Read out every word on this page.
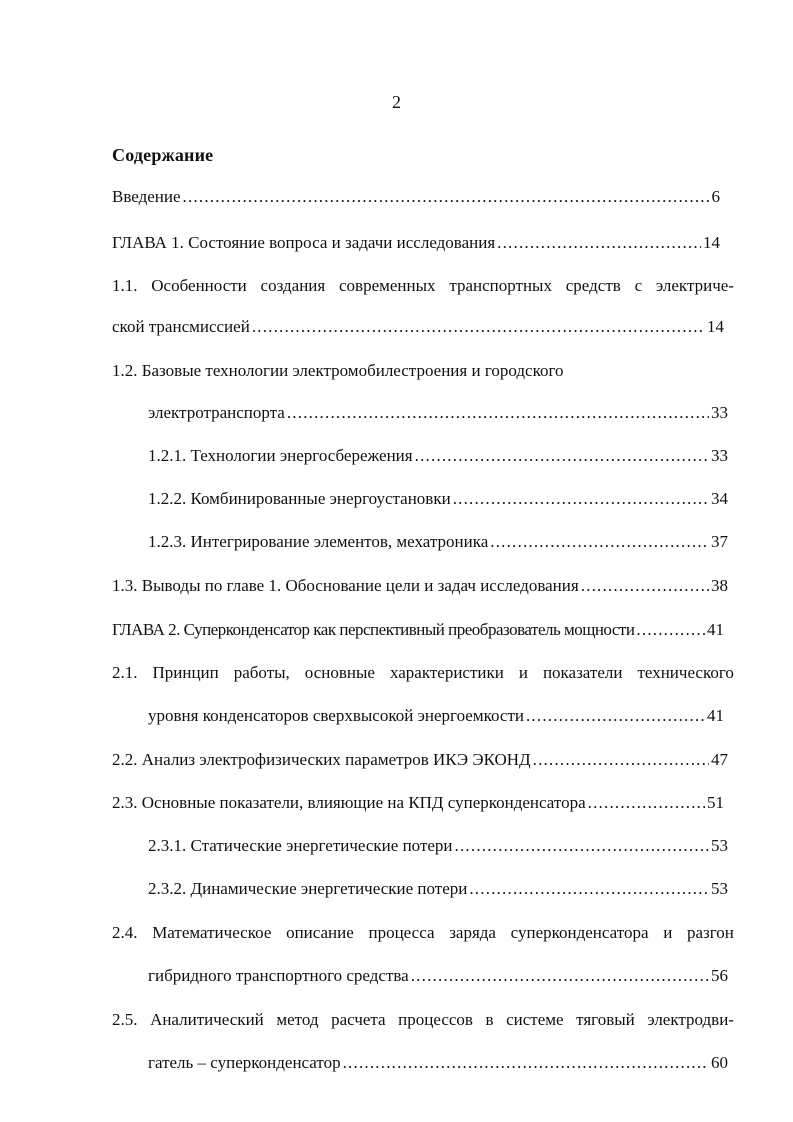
2
Содержание
Введение .....	6
ГЛАВА 1. Состояние вопроса и задачи исследования .....	14
1.1. Особенности создания современных транспортных средств с электриче-
ской трансмиссией .....	14
1.2. Базовые технологии электромобилестроения и городского
электротранспорта .....	33
1.2.1. Технологии энергосбережения .....	33
1.2.2. Комбинированные энергоустановки .....	34
1.2.3. Интегрирование элементов, мехатроника .....	37
1.3. Выводы по главе 1. Обоснование цели и задач исследования .....	38
ГЛАВА 2. Суперконденсатор как перспективный преобразователь мощности .....	41
2.1. Принцип работы, основные характеристики и показатели технического
уровня конденсаторов сверхвысокой энергоемкости .....	41
2.2. Анализ электрофизических параметров ИКЭ ЭКОНД .....	47
2.3. Основные показатели, влияющие на КПД суперконденсатора .....	51
2.3.1. Статические энергетические потери .....	53
2.3.2. Динамические энергетические потери .....	53
2.4. Математическое описание процесса заряда суперконденсатора и разгон
гибридного транспортного средства .....	56
2.5. Аналитический метод расчета процессов в системе тяговый электродви-
гатель – суперконденсатор .....	60
